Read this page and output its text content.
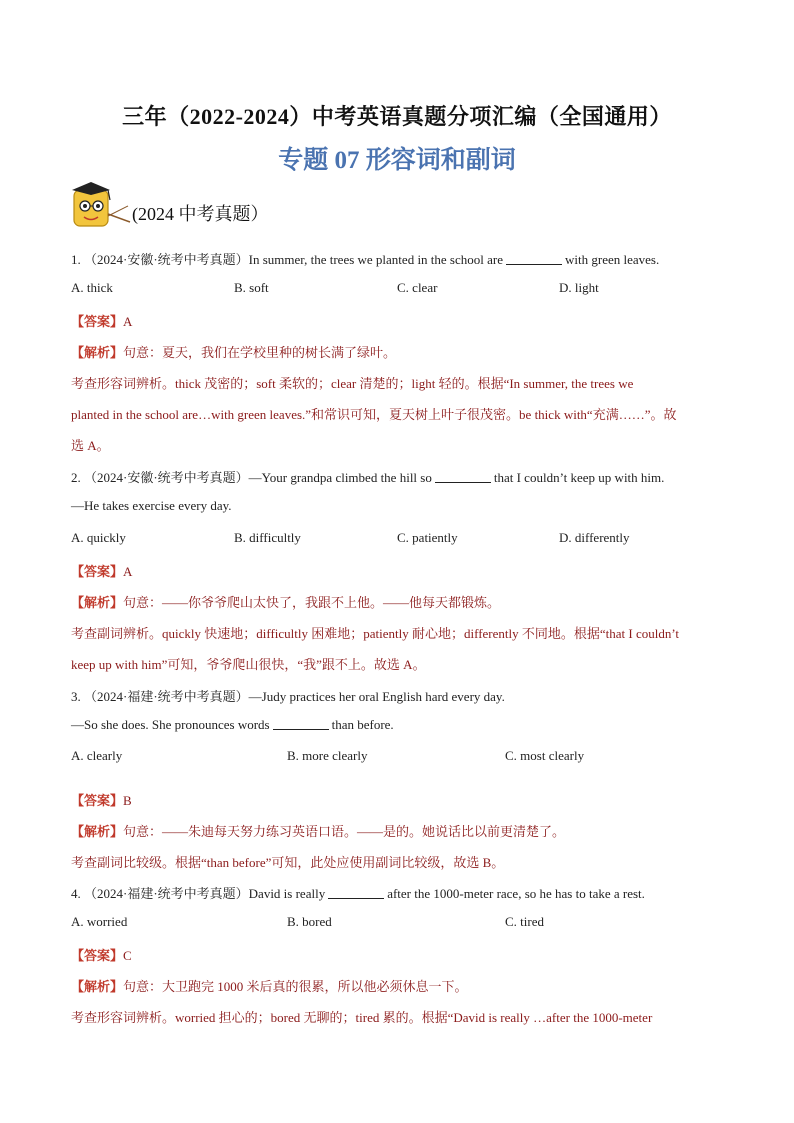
三年（2022-2024）中考英语真题分项汇编（全国通用）
专题 07 形容词和副词
(2024 中考真题）
1. （2024·安徽·统考中考真题）In summer, the trees we planted in the school are	with green leaves.
A. thick	B. soft	C. clear	D. light
【答案】A
【解析】句意：夏天，我们在学校里种的树长满了绿叶。
考查形容词辨析。thick 茂密的；soft 柔软的；clear 清楚的；light 轻的。根据“In summer, the trees we
planted in the school are…with green leaves.”和常识可知，夏天树上叶子很茂密。be thick with“充满……”。故
选 A。
2. （2024·安徽·统考中考真题）—Your grandpa climbed the hill so	that I couldn’t keep up with him.
—He takes exercise every day.
A. quickly	B. difficultly	C. patiently	D. differently
【答案】A
【解析】句意：——你爷爷爬山太快了，我跟不上他。——他每天都锻炼。
考查副词辨析。quickly 快速地；difficultly 困难地；patiently 耐心地；differently 不同地。根据“that I couldn’t
keep up with him”可知，爷爷爬山很快，“我”跟不上。故选 A。
3. （2024·福建·统考中考真题）—Judy practices her oral English hard every day.
—So she does. She pronounces words	than before.
A. clearly	B. more clearly	C. most clearly
【答案】B
【解析】句意：——朱迪每天努力练习英语口语。——是的。她说话比以前更清楚了。
考查副词比较级。根据“than before”可知，此处应使用副词比较级，故选 B。
4. （2024·福建·统考中考真题）David is really	after the 1000-meter race, so he has to take a rest.
A. worried	B. bored	C. tired
【答案】C
【解析】句意：大卫跑完 1000 米后真的很累，所以他必须休息一下。
考查形容词辨析。worried 担心的；bored 无聊的；tired 累的。根据“David is really …after the 1000-meter
